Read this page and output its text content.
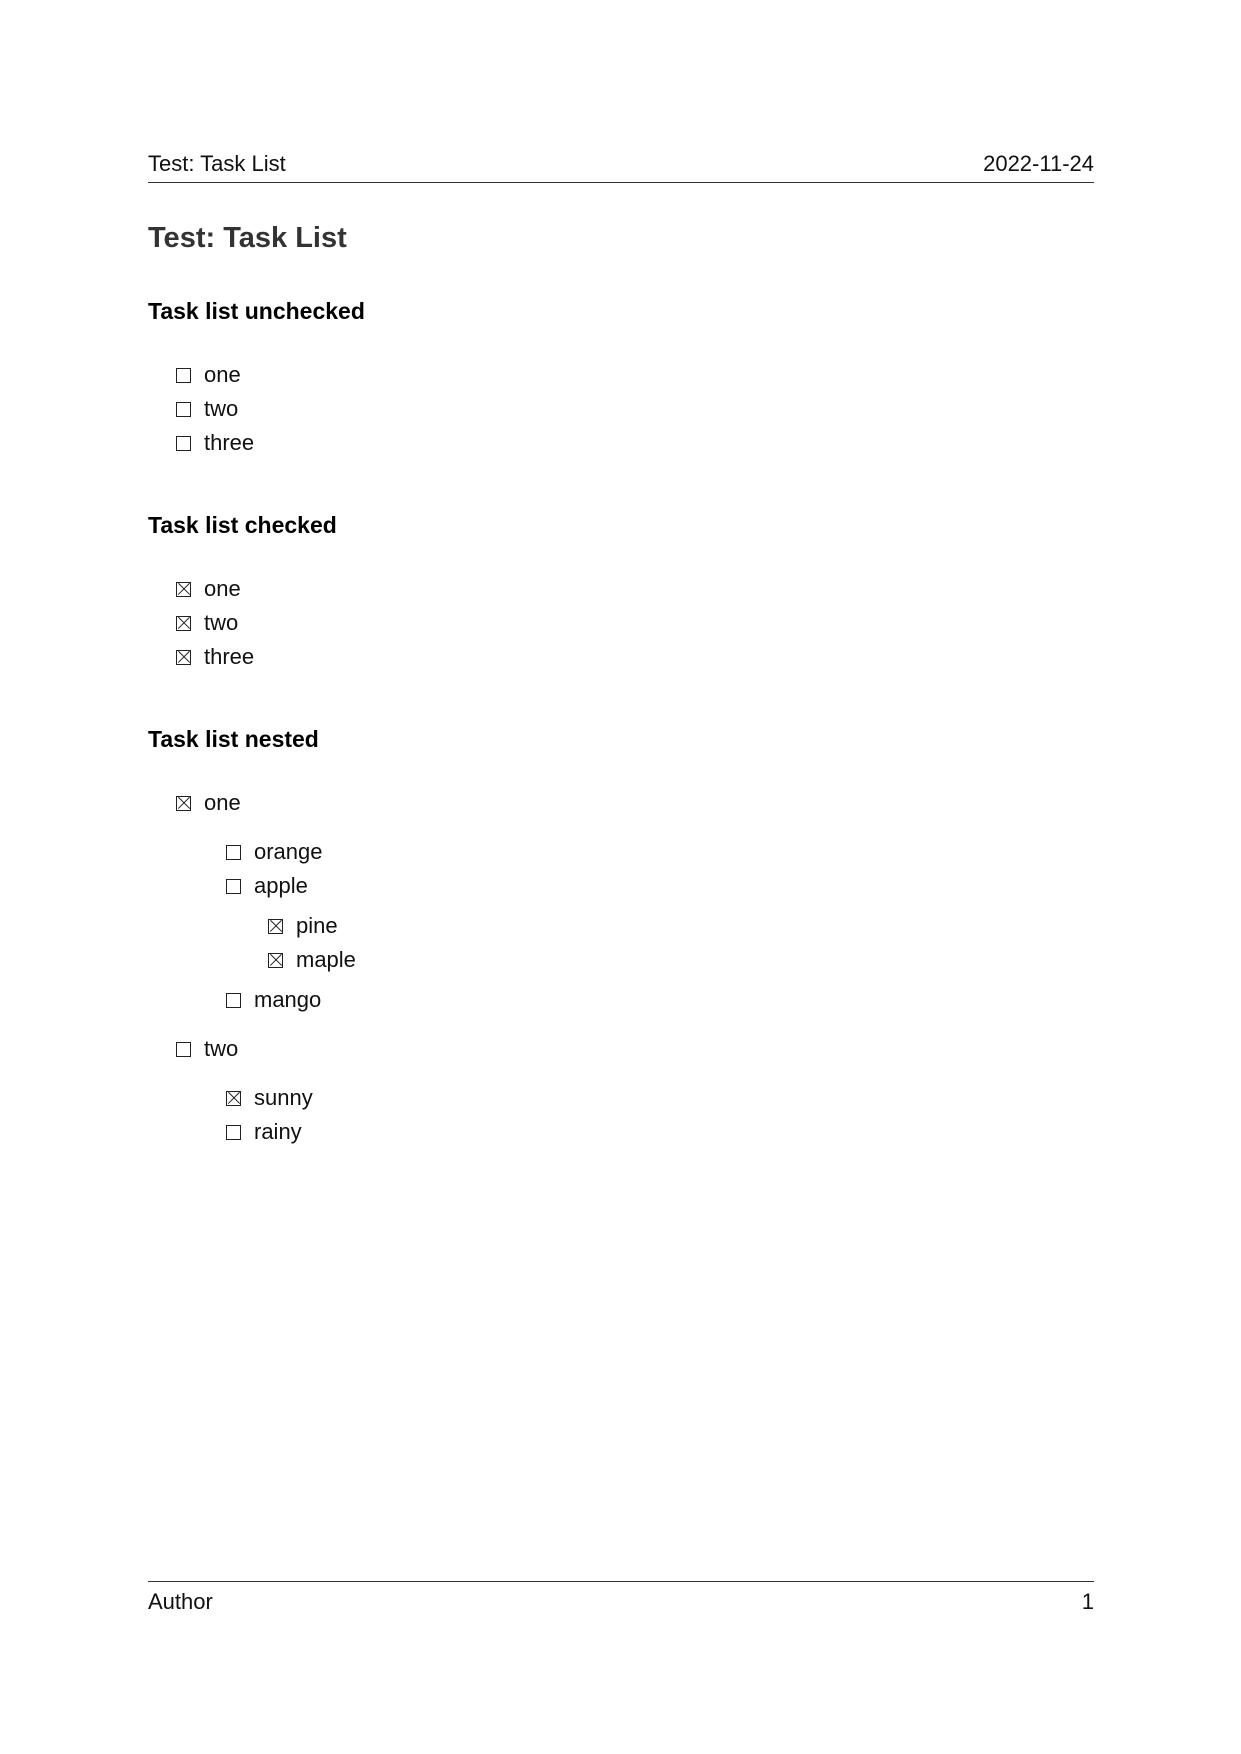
Test: Task List	2022-11-24
Test: Task List
Task list unchecked
one
two
three
Task list checked
one
two
three
Task list nested
one
orange
apple
pine
maple
mango
two
sunny
rainy
Author	1
